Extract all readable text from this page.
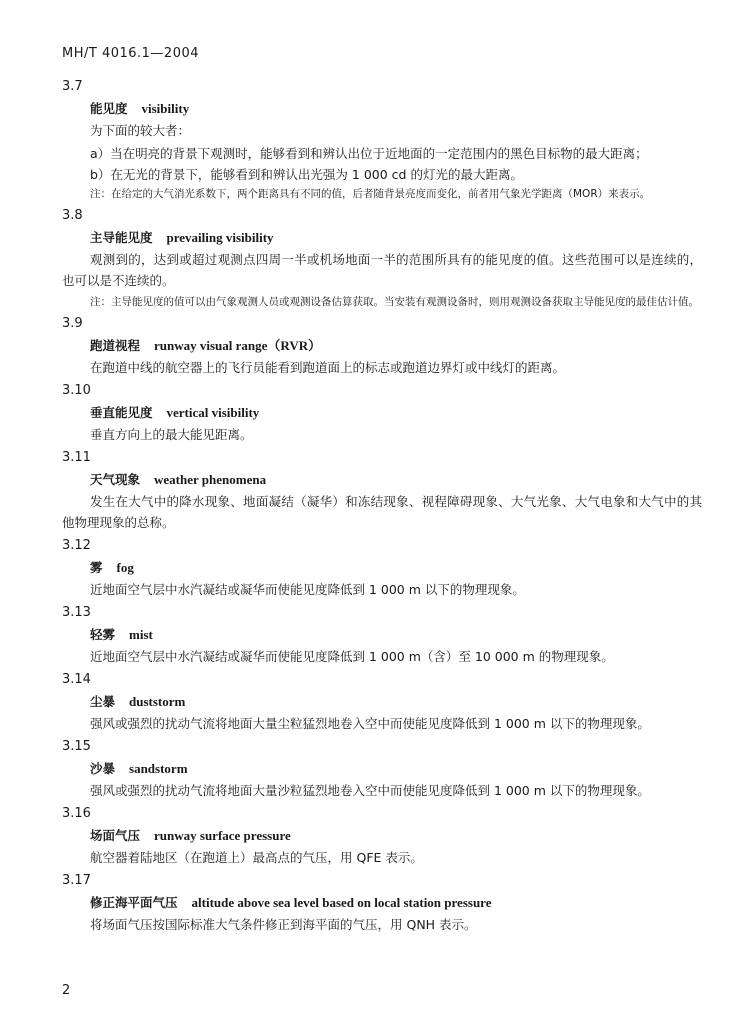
MH/T 4016.1—2004
3.7
能见度 visibility
为下面的较大者：
a）当在明亮的背景下观测时，能够看到和辨认出位于近地面的一定范围内的黑色目标物的最大距离；
b）在无光的背景下，能够看到和辨认出光强为 1 000 cd 的灯光的最大距离。
注：在给定的大气消光系数下，两个距离具有不同的值，后者随背景亮度而变化，前者用气象光学距离（MOR）来表示。
3.8
主导能见度 prevailing visibility
观测到的，达到或超过观测点四周一半或机场地面一半的范围所具有的能见度的值。这些范围可以是连续的，也可以是不连续的。
注：主导能见度的值可以由气象观测人员或观测设备估算获取。当安装有观测设备时，则用观测设备获取主导能见度的最佳估计值。
3.9
跑道视程 runway visual range（RVR）
在跑道中线的航空器上的飞行员能看到跑道面上的标志或跑道边界灯或中线灯的距离。
3.10
垂直能见度 vertical visibility
垂直方向上的最大能见距离。
3.11
天气现象 weather phenomena
发生在大气中的降水现象、地面凝结（凝华）和冻结现象、视程障碍现象、大气光象、大气电象和大气中的其他物理现象的总称。
3.12
雾 fog
近地面空气层中水汽凝结或凝华而使能见度降低到 1 000 m 以下的物理现象。
3.13
轻雾 mist
近地面空气层中水汽凝结或凝华而使能见度降低到 1 000 m（含）至 10 000 m 的物理现象。
3.14
尘暴 duststorm
强风或强烈的扰动气流将地面大量尘粒猛烈地卷入空中而使能见度降低到 1 000 m 以下的物理现象。
3.15
沙暴 sandstorm
强风或强烈的扰动气流将地面大量沙粒猛烈地卷入空中而使能见度降低到 1 000 m 以下的物理现象。
3.16
场面气压 runway surface pressure
航空器着陆地区（在跑道上）最高点的气压，用 QFE 表示。
3.17
修正海平面气压 altitude above sea level based on local station pressure
将场面气压按国际标准大气条件修正到海平面的气压，用 QNH 表示。
2
